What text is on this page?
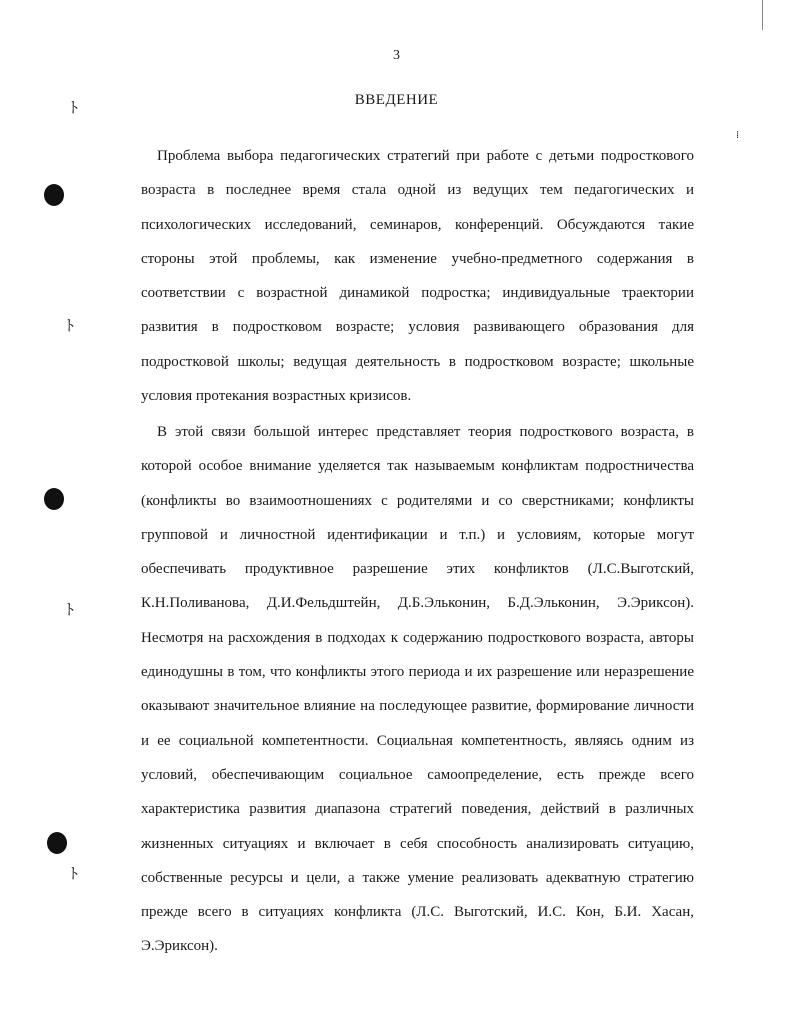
ﾄ
ﾄ
ﾄ
ﾄ
⁞
3
ВВЕДЕНИЕ
Проблема выбора педагогических стратегий при работе с детьми подросткового
возраста в последнее время стала одной из ведущих тем педагогических и
психологических исследований, семинаров, конференций. Обсуждаются такие
стороны этой проблемы, как изменение учебно-предметного содержания в
соответствии с возрастной динамикой подростка; индивидуальные траектории
развития в подростковом возрасте; условия развивающего образования для
подростковой школы; ведущая деятельность в подростковом возрасте; школьные
условия протекания возрастных кризисов.
В этой связи большой интерес представляет теория подросткового возраста, в
которой особое внимание уделяется так называемым конфликтам подростничества
(конфликты во взаимоотношениях с родителями и со сверстниками; конфликты
групповой и личностной идентификации и т.п.) и условиям, которые могут
обеспечивать продуктивное разрешение этих конфликтов (Л.С.Выготский,
К.Н.Поливанова, Д.И.Фельдштейн, Д.Б.Эльконин, Б.Д.Эльконин, Э.Эриксон).
Несмотря на расхождения в подходах к содержанию подросткового возраста, авторы
единодушны в том, что конфликты этого периода и их разрешение или неразрешение
оказывают значительное влияние на последующее развитие, формирование личности
и ее социальной компетентности. Социальная компетентность, являясь одним из
условий, обеспечивающим социальное самоопределение, есть прежде всего
характеристика развития диапазона стратегий поведения, действий в различных
жизненных ситуациях и включает в себя способность анализировать ситуацию,
собственные ресурсы и цели, а также умение реализовать адекватную стратегию
прежде всего в ситуациях конфликта (Л.С. Выготский, И.С. Кон, Б.И. Хасан,
Э.Эриксон).
